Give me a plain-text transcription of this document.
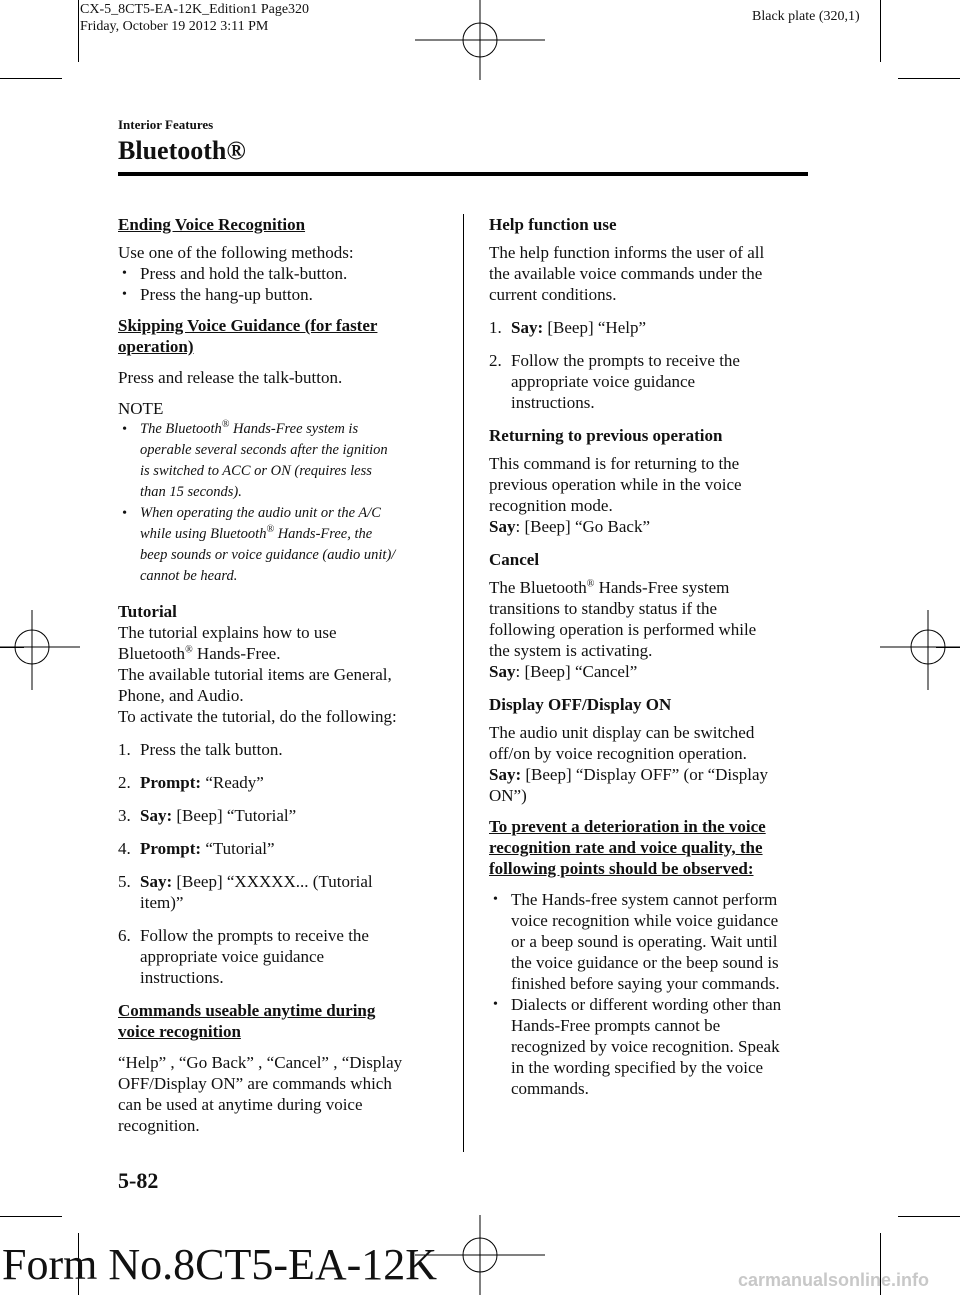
CX-5_8CT5-EA-12K_Edition1 Page320
Friday, October 19 2012 3:11 PM
Black plate (320,1)
Interior Features
Bluetooth®

Ending Voice Recognition

Use one of the following methods:

• Press and hold the talk-button.

• Press the hang-up button.

Skipping Voice Guidance (for faster

operation)

Press and release the talk-button.

NOTE

• The Bluetooth® Hands-Free system is

operable several seconds after the ignition

is switched to ACC or ON (requires less

than 15 seconds).

• When operating the audio unit or the A/C

while using Bluetooth® Hands-Free, the

beep sounds or voice guidance (audio unit)/

cannot be heard.

Tutorial

The tutorial explains how to use

Bluetooth® Hands-Free.

The available tutorial items are General,

Phone, and Audio.

To activate the tutorial, do the following:

1. Press the talk button.

2. Prompt: “Ready”

3. Say: [Beep] “Tutorial”

4. Prompt: “Tutorial”

5. Say: [Beep] “XXXXX... (Tutorial

item)”

6. Follow the prompts to receive the

appropriate voice guidance

instructions.

Commands useable anytime during

voice recognition

“Help” , “Go Back” , “Cancel” , “Display

OFF/Display ON” are commands which

can be used at anytime during voice

recognition.

Help function use

The help function informs the user of all

the available voice commands under the

current conditions.

1. Say: [Beep] “Help”

2. Follow the prompts to receive the

appropriate voice guidance

instructions.

Returning to previous operation

This command is for returning to the

previous operation while in the voice

recognition mode.

Say: [Beep] “Go Back”

Cancel

The Bluetooth® Hands-Free system

transitions to standby status if the

following operation is performed while

the system is activating.

Say: [Beep] “Cancel”

Display OFF/Display ON

The audio unit display can be switched

off/on by voice recognition operation.

Say: [Beep] “Display OFF” (or “Display

ON”)

To prevent a deterioration in the voice

recognition rate and voice quality, the

following points should be observed:

• The Hands-free system cannot perform

voice recognition while voice guidance

or a beep sound is operating. Wait until

the voice guidance or the beep sound is

finished before saying your commands.

• Dialects or different wording other than

Hands-Free prompts cannot be

recognized by voice recognition. Speak

in the wording specified by the voice

commands.

5-82
Form No.8CT5-EA-12K	carmanualsonline.info
